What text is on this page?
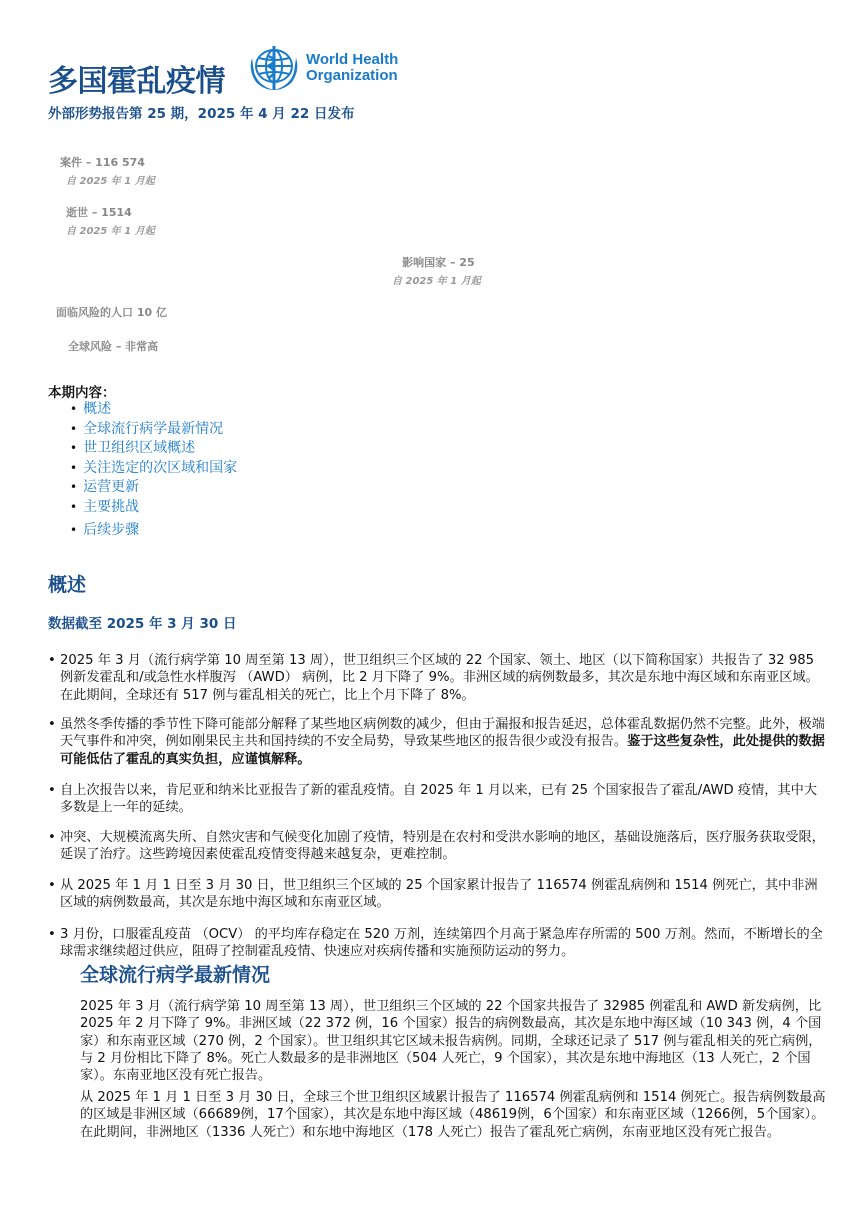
多国霍乱疫情
外部形势报告第 25 期，2025 年 4 月 22 日发布
World Health
Organization
案件 – 116 574
自 2025 年 1 月起
逝世 – 1514
自 2025 年 1 月起
影响国家 – 25
自 2025 年 1 月起
面临风险的人口 10 亿
全球风险 – 非常高
本期内容：
• 概述
• 全球流行病学最新情况
• 世卫组织区域概述
• 关注选定的次区域和国家
• 运营更新
• 主要挑战
• 后续步骤
概述
数据截至 2025 年 3 月 30 日
• 2025 年 3 月（流行病学第 10 周至第 13 周），世卫组织三个区域的 22 个国家、领土、地区（以下简称国家）共报告了 32 985 例新发霍乱和/或急性水样腹泻 （AWD） 病例，比 2 月下降了 9%。非洲区域的病例数最多，其次是东地中海区域和东南亚区域。在此期间，全球还有 517 例与霍乱相关的死亡，比上个月下降了 8%。
• 虽然冬季传播的季节性下降可能部分解释了某些地区病例数的减少，但由于漏报和报告延迟，总体霍乱数据仍然不完整。此外，极端天气事件和冲突，例如刚果民主共和国持续的不安全局势，导致某些地区的报告很少或没有报告。鉴于这些复杂性，此处提供的数据可能低估了霍乱的真实负担，应谨慎解释。
• 自上次报告以来，肯尼亚和纳米比亚报告了新的霍乱疫情。自 2025 年 1 月以来，已有 25 个国家报告了霍乱/AWD 疫情，其中大多数是上一年的延续。
• 冲突、大规模流离失所、自然灾害和气候变化加剧了疫情，特别是在农村和受洪水影响的地区，基础设施落后，医疗服务获取受限，延误了治疗。这些跨境因素使霍乱疫情变得越来越复杂，更难控制。
• 从 2025 年 1 月 1 日至 3 月 30 日，世卫组织三个区域的 25 个国家累计报告了 116574 例霍乱病例和 1514 例死亡，其中非洲区域的病例数最高，其次是东地中海区域和东南亚区域。
• 3 月份，口服霍乱疫苗 （OCV） 的平均库存稳定在 520 万剂，连续第四个月高于紧急库存所需的 500 万剂。然而，不断增长的全球需求继续超过供应，阻碍了控制霍乱疫情、快速应对疾病传播和实施预防运动的努力。
全球流行病学最新情况
2025 年 3 月（流行病学第 10 周至第 13 周），世卫组织三个区域的 22 个国家共报告了 32985 例霍乱和 AWD 新发病例，比 2025 年 2 月下降了 9%。非洲区域（22 372 例，16 个国家）报告的病例数最高，其次是东地中海区域（10 343 例，4 个国家）和东南亚区域（270 例，2 个国家）。世卫组织其它区域未报告病例。同期，全球还记录了 517 例与霍乱相关的死亡病例，与 2 月份相比下降了 8%。死亡人数最多的是非洲地区（504 人死亡，9 个国家），其次是东地中海地区（13 人死亡，2 个国家）。东南亚地区没有死亡报告。
从 2025 年 1 月 1 日至 3 月 30 日，全球三个世卫组织区域累计报告了 116574 例霍乱病例和 1514 例死亡。报告病例数最高的区域是非洲区域（66689例，17个国家），其次是东地中海区域（48619例，6个国家）和东南亚区域（1266例，5个国家）。在此期间，非洲地区（1336 人死亡）和东地中海地区（178 人死亡）报告了霍乱死亡病例，东南亚地区没有死亡报告。
